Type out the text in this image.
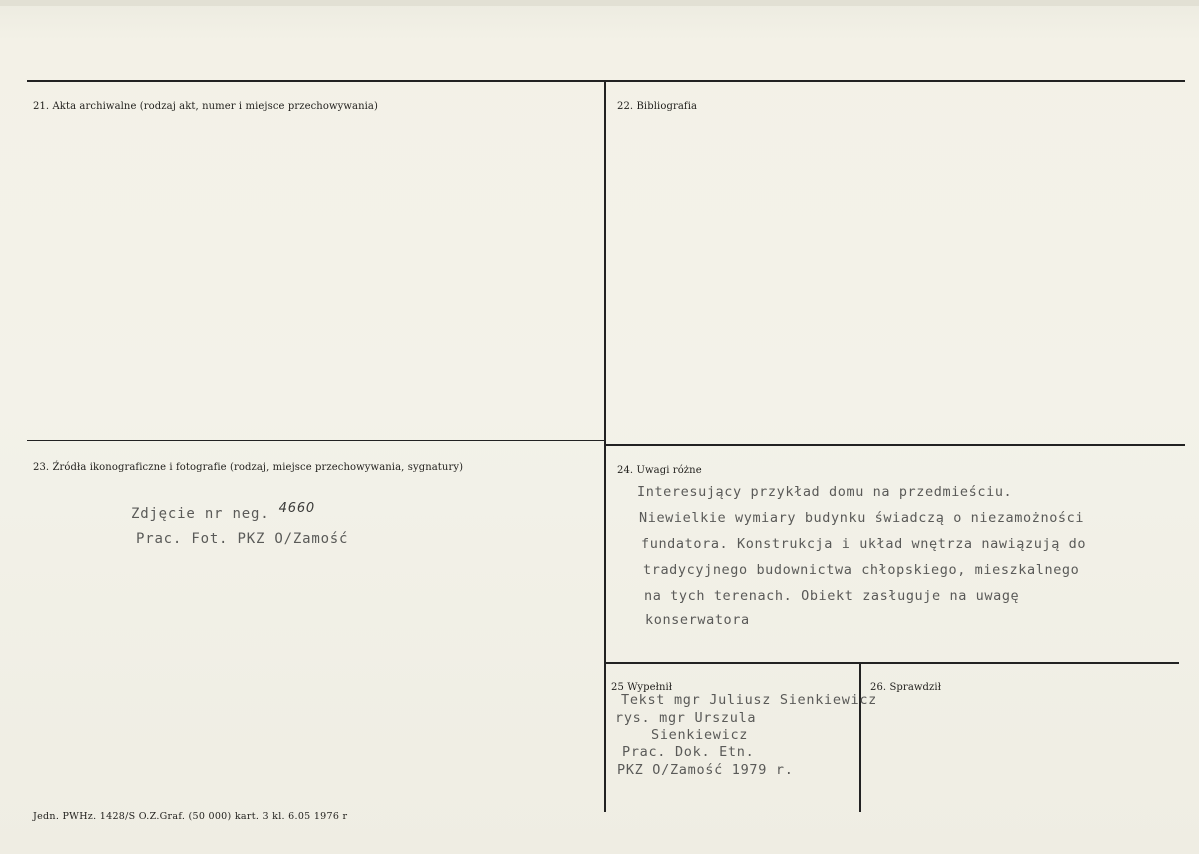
21. Akta archiwalne (rodzaj akt, numer i miejsce przechowywania)	22. Bibliografia
23. Źródła ikonograficzne i fotografie (rodzaj, miejsce przechowywania, sygnatury)
Zdjęcie nr neg. 4660
Prac. Fot. PKZ O/Zamość
24. Uwagi różne
Interesujący przykład domu na przedmieściu.
Niewielkie wymiary budynku świadczą o niezamożności
fundatora. Konstrukcja i układ wnętrza nawiązują do
tradycyjnego budownictwa chłopskiego, mieszkalnego
na tych terenach. Obiekt zasługuje na uwagę
konserwatora
25 Wypełnił
Tekst mgr Juliusz Sienkiewicz
rys. mgr Urszula
Sienkiewicz
Prac. Dok. Etn.
PKZ O/Zamość 1979 r.
26. Sprawdził
Jedn. PWHz. 1428/S O.Z.Graf. (50 000) kart. 3 kl. 6.05 1976 r
